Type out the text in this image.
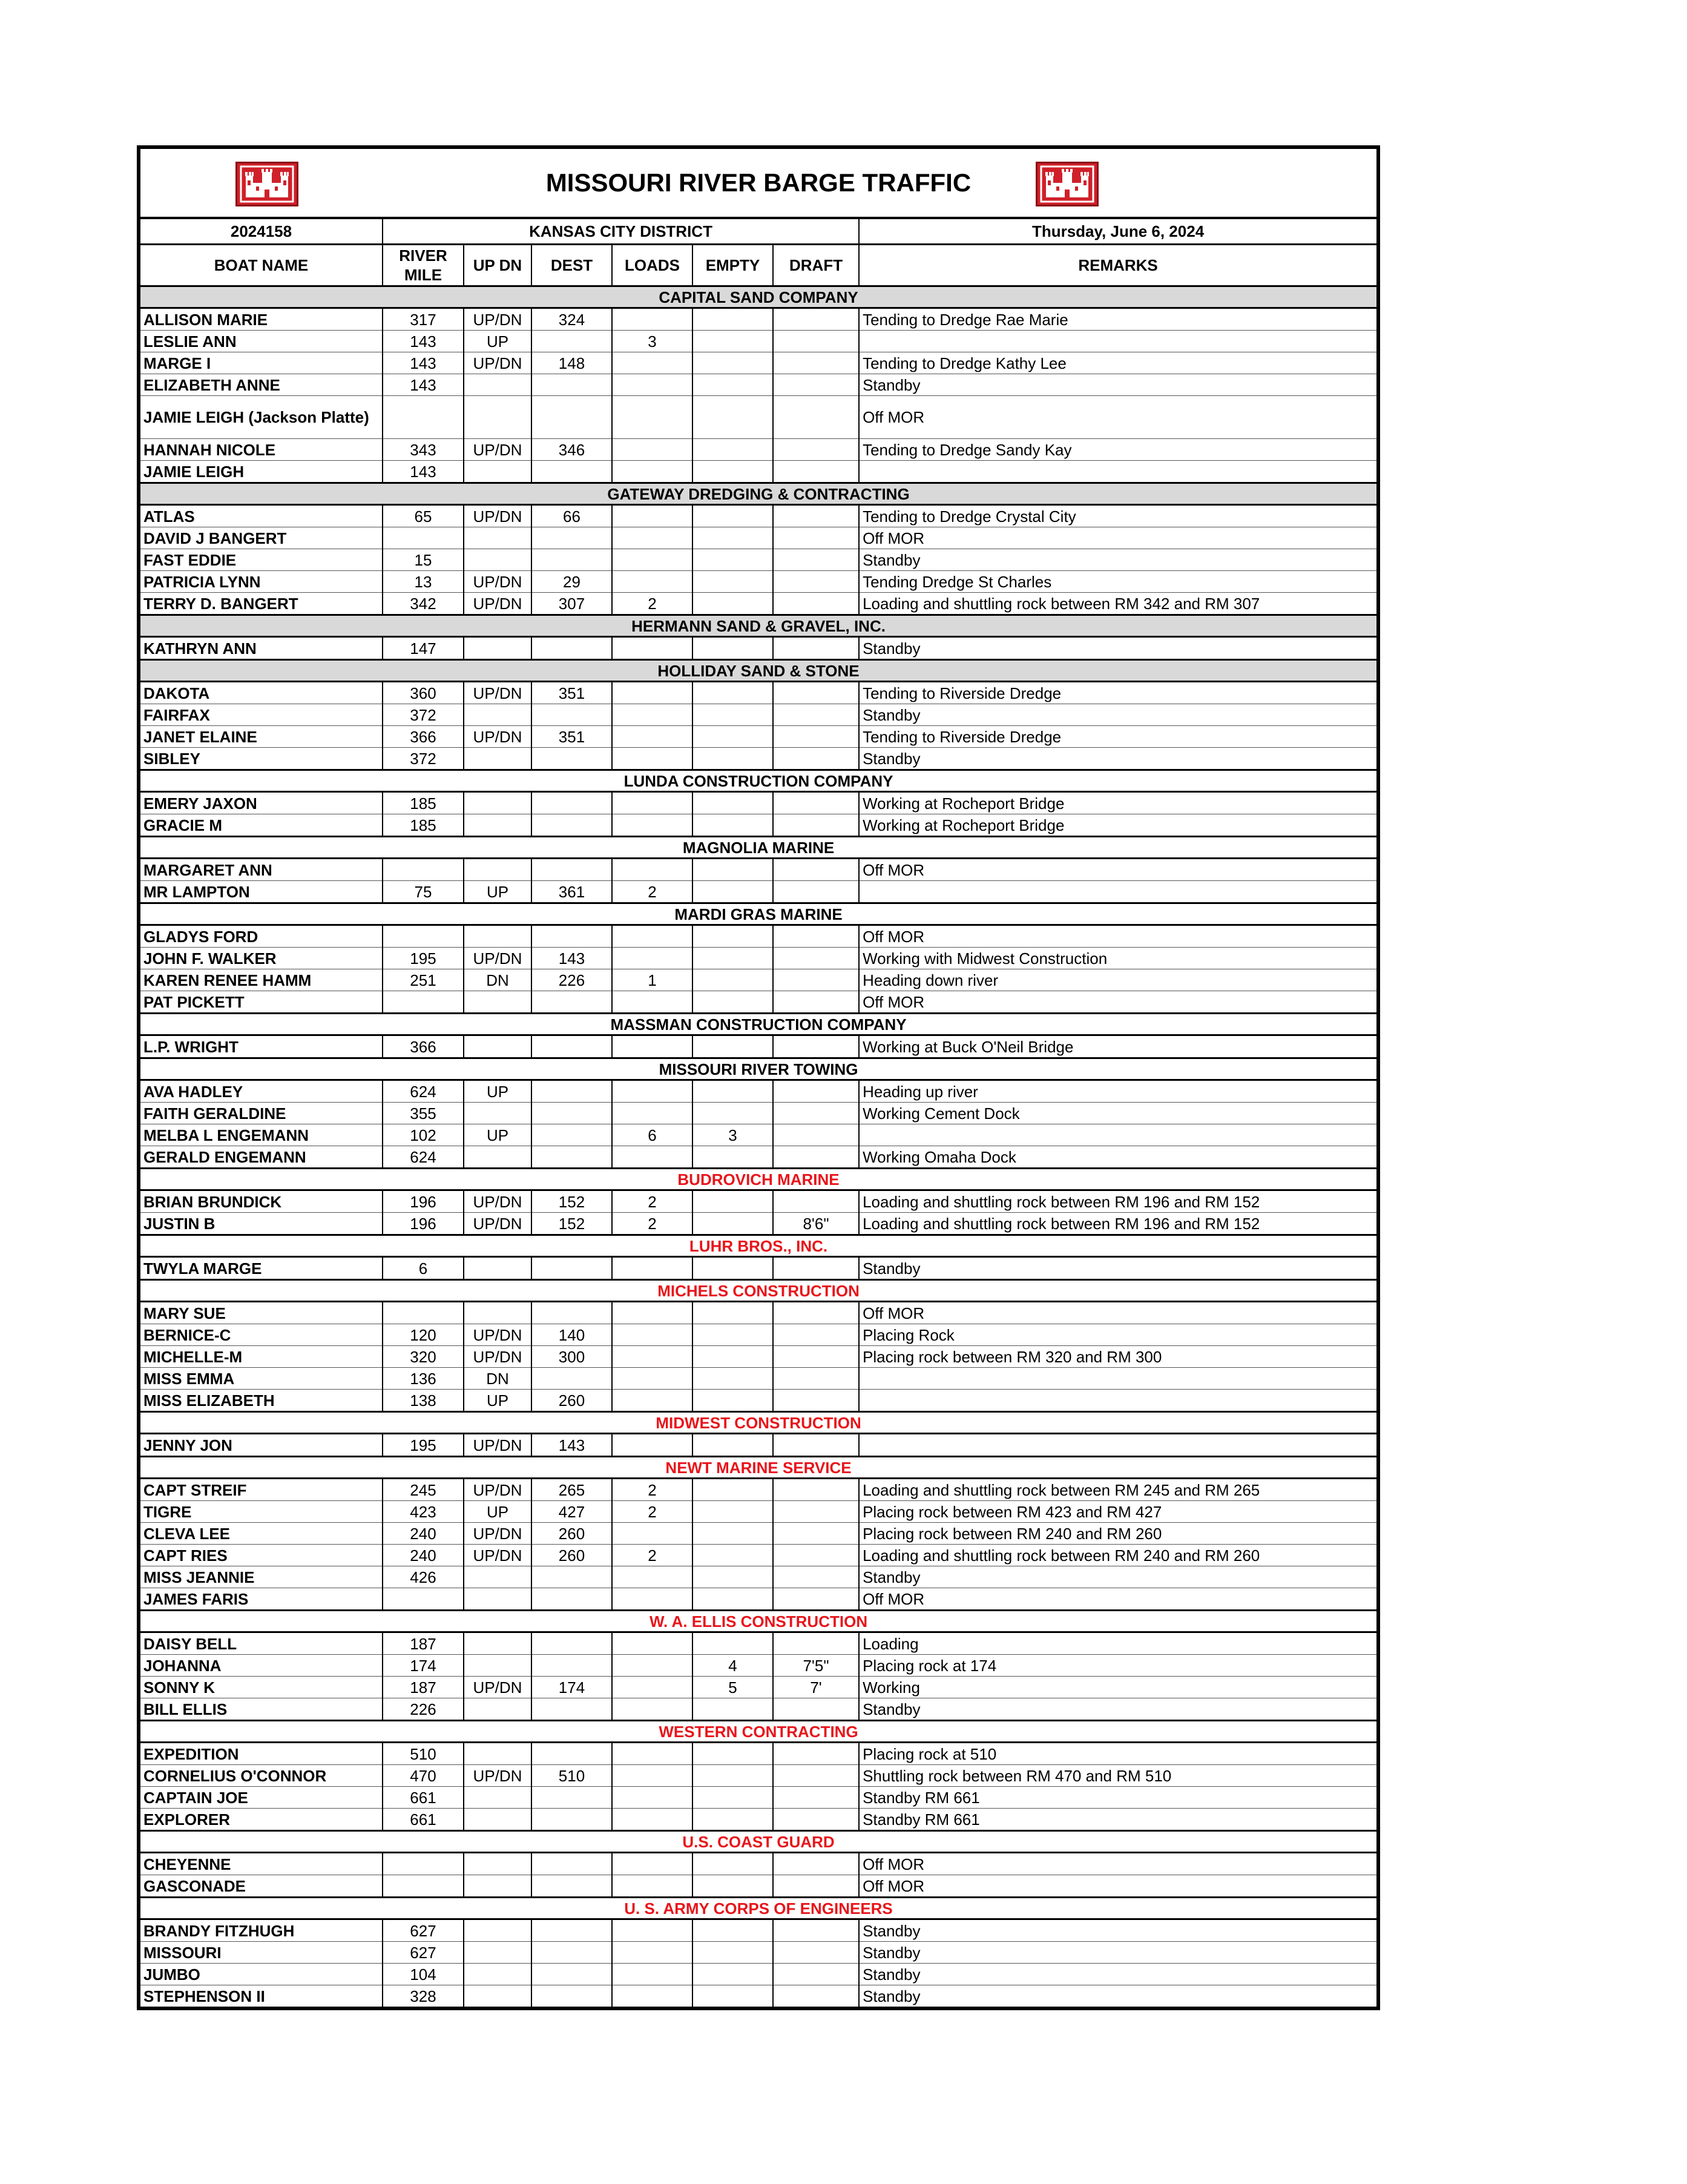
MISSOURI RIVER BARGE TRAFFIC
2024158	KANSAS CITY DISTRICT						Thursday, June 6, 2024
BOAT NAME	RIVER MILE	UP DN	DEST	LOADS	EMPTY	DRAFT	REMARKS
CAPITAL SAND COMPANY							
ALLISON MARIE	317	UP/DN	324				Tending to Dredge Rae Marie
LESLIE ANN	143	UP		3			
MARGE I	143	UP/DN	148				Tending to Dredge Kathy Lee
ELIZABETH ANNE	143						Standby
JAMIE LEIGH (Jackson Platte)							Off MOR
HANNAH NICOLE	343	UP/DN	346				Tending to Dredge Sandy Kay
JAMIE LEIGH	143						
GATEWAY DREDGING & CONTRACTING							
ATLAS	65	UP/DN	66				Tending to Dredge Crystal City
DAVID J BANGERT							Off MOR
FAST EDDIE	15						Standby
PATRICIA LYNN	13	UP/DN	29				Tending Dredge St Charles
TERRY D. BANGERT	342	UP/DN	307	2			Loading and shuttling rock between RM 342 and RM 307
HERMANN SAND & GRAVEL, INC.							
KATHRYN ANN	147						Standby
HOLLIDAY SAND & STONE							
DAKOTA	360	UP/DN	351				Tending to Riverside Dredge
FAIRFAX	372						Standby
JANET ELAINE	366	UP/DN	351				Tending to Riverside Dredge
SIBLEY	372						Standby
LUNDA CONSTRUCTION COMPANY							
EMERY JAXON	185						Working at Rocheport Bridge
GRACIE M	185						Working at Rocheport Bridge
MAGNOLIA MARINE							
MARGARET ANN							Off MOR
MR LAMPTON	75	UP	361	2			
MARDI GRAS MARINE							
GLADYS FORD							Off MOR
JOHN F. WALKER	195	UP/DN	143				Working with Midwest Construction
KAREN RENEE HAMM	251	DN	226	1			Heading down river
PAT PICKETT							Off MOR
MASSMAN CONSTRUCTION COMPANY							
L.P. WRIGHT	366						Working at Buck O'Neil Bridge
MISSOURI RIVER TOWING							
AVA HADLEY	624	UP					Heading up river
FAITH GERALDINE	355						Working Cement Dock
MELBA L ENGEMANN	102	UP		6	3		
GERALD ENGEMANN	624						Working Omaha Dock
BUDROVICH MARINE							
BRIAN BRUNDICK	196	UP/DN	152	2			Loading and shuttling rock between RM 196 and RM 152
JUSTIN B	196	UP/DN	152	2		8'6"	Loading and shuttling rock between RM 196 and RM 152
LUHR BROS., INC.							
TWYLA MARGE	6						Standby
MICHELS CONSTRUCTION							
MARY SUE							Off MOR
BERNICE-C	120	UP/DN	140				Placing Rock
MICHELLE-M	320	UP/DN	300				Placing rock between RM 320 and RM 300
MISS EMMA	136	DN					
MISS ELIZABETH	138	UP	260				
MIDWEST CONSTRUCTION							
JENNY JON	195	UP/DN	143				
NEWT MARINE SERVICE							
CAPT STREIF	245	UP/DN	265	2			Loading and shuttling rock between RM 245 and RM 265
TIGRE	423	UP	427	2			Placing rock between RM 423 and RM 427
CLEVA LEE	240	UP/DN	260				Placing rock between RM 240 and RM 260
CAPT RIES	240	UP/DN	260	2			Loading and shuttling rock between RM 240 and RM 260
MISS JEANNIE	426						Standby
JAMES FARIS							Off MOR
W. A. ELLIS CONSTRUCTION							
DAISY BELL	187						Loading
JOHANNA	174				4	7'5"	Placing rock at 174
SONNY K	187	UP/DN	174		5	7'	Working
BILL ELLIS	226						Standby
WESTERN CONTRACTING							
EXPEDITION	510						Placing rock at 510
CORNELIUS O'CONNOR	470	UP/DN	510				Shuttling rock between RM 470 and RM 510
CAPTAIN JOE	661						Standby RM 661
EXPLORER	661						Standby RM 661
U.S. COAST GUARD							
CHEYENNE							Off MOR
GASCONADE							Off MOR
U. S. ARMY CORPS OF ENGINEERS							
BRANDY FITZHUGH	627						Standby
MISSOURI	627						Standby
JUMBO	104						Standby
STEPHENSON II	328						Standby
